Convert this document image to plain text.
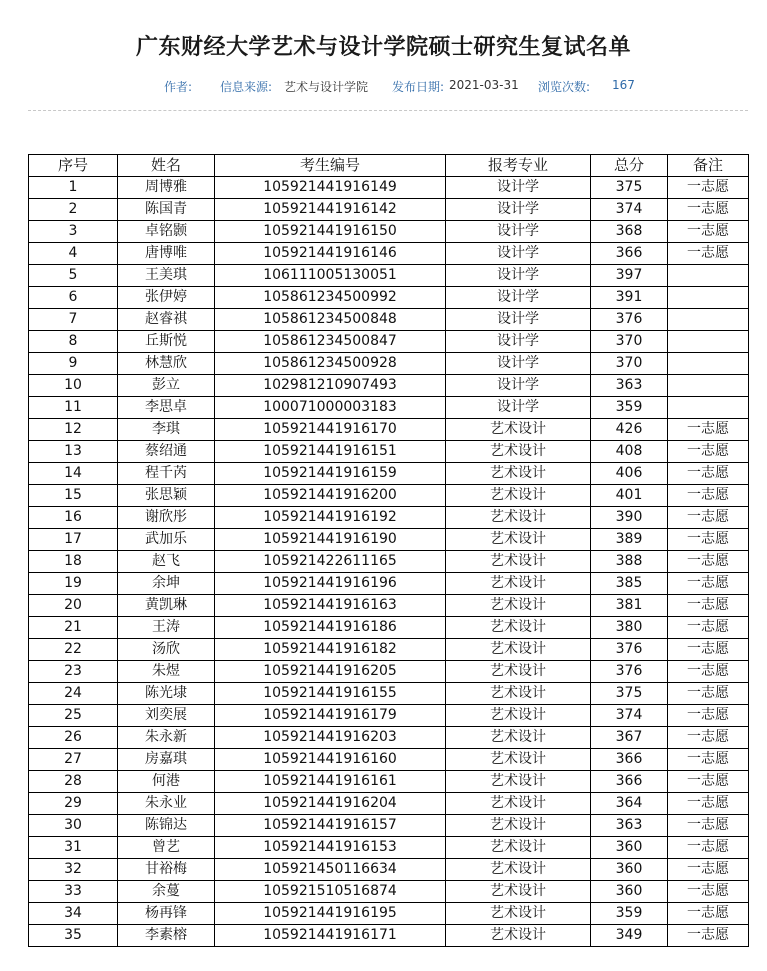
广东财经大学艺术与设计学院硕士研究生复试名单
作者: 信息来源: 艺术与设计学院 发布日期: 2021-03-31 浏览次数: 167
序号	姓名	考生编号	报考专业	总分	备注
1	周博雅	105921441916149	设计学	375	一志愿
2	陈国青	105921441916142	设计学	374	一志愿
3	卓铭颢	105921441916150	设计学	368	一志愿
4	唐博唯	105921441916146	设计学	366	一志愿
5	王美琪	106111005130051	设计学	397	
6	张伊婷	105861234500992	设计学	391	
7	赵睿祺	105861234500848	设计学	376	
8	丘斯悦	105861234500847	设计学	370	
9	林慧欣	105861234500928	设计学	370	
10	彭立	102981210907493	设计学	363	
11	李思卓	100071000003183	设计学	359	
12	李琪	105921441916170	艺术设计	426	一志愿
13	蔡绍通	105921441916151	艺术设计	408	一志愿
14	程千芮	105921441916159	艺术设计	406	一志愿
15	张思颖	105921441916200	艺术设计	401	一志愿
16	谢欣彤	105921441916192	艺术设计	390	一志愿
17	武加乐	105921441916190	艺术设计	389	一志愿
18	赵飞	105921422611165	艺术设计	388	一志愿
19	余坤	105921441916196	艺术设计	385	一志愿
20	黄凯琳	105921441916163	艺术设计	381	一志愿
21	王涛	105921441916186	艺术设计	380	一志愿
22	汤欣	105921441916182	艺术设计	376	一志愿
23	朱煜	105921441916205	艺术设计	376	一志愿
24	陈光埭	105921441916155	艺术设计	375	一志愿
25	刘奕展	105921441916179	艺术设计	374	一志愿
26	朱永新	105921441916203	艺术设计	367	一志愿
27	房嘉琪	105921441916160	艺术设计	366	一志愿
28	何港	105921441916161	艺术设计	366	一志愿
29	朱永业	105921441916204	艺术设计	364	一志愿
30	陈锦达	105921441916157	艺术设计	363	一志愿
31	曾艺	105921441916153	艺术设计	360	一志愿
32	甘裕梅	105921450116634	艺术设计	360	一志愿
33	余蔓	105921510516874	艺术设计	360	一志愿
34	杨再锋	105921441916195	艺术设计	359	一志愿
35	李素榕	105921441916171	艺术设计	349	一志愿
